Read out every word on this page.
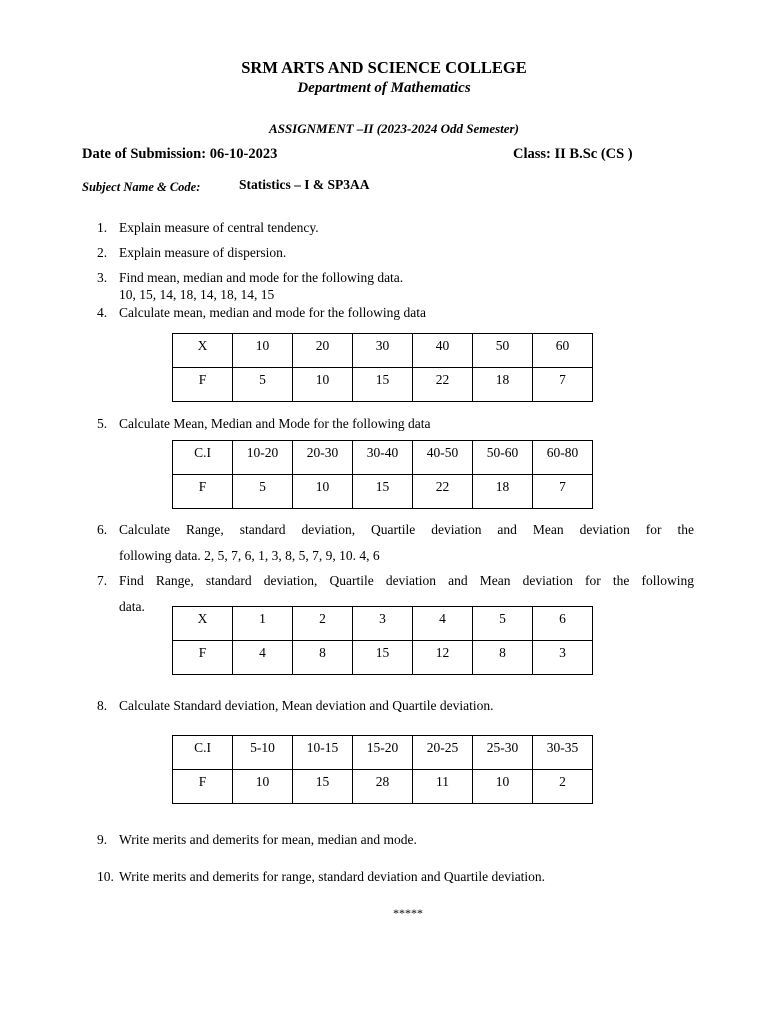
SRM ARTS AND SCIENCE COLLEGE
Department of Mathematics
ASSIGNMENT –II (2023-2024 Odd Semester)
Date of Submission: 06-10-2023	Class: II B.Sc (CS )
Subject Name & Code:	Statistics – I & SP3AA
1. Explain measure of central tendency.
2. Explain measure of dispersion.
3. Find mean, median and mode for the following data.
10, 15, 14, 18, 14, 18, 14, 15
4. Calculate mean, median and mode for the following data
X	10	20	30	40	50	60
F	5	10	15	22	18	7
5. Calculate Mean, Median and Mode for the following data
C.I	10-20	20-30	30-40	40-50	50-60	60-80
F	5	10	15	22	18	7
6. Calculate Range, standard deviation, Quartile deviation and Mean deviation for the
following data. 2, 5, 7, 6, 1, 3, 8, 5, 7, 9, 10. 4, 6
7. Find Range, standard deviation, Quartile deviation and Mean deviation for the following
data.
X	1	2	3	4	5	6
F	4	8	15	12	8	3
8. Calculate Standard deviation, Mean deviation and Quartile deviation.
C.I	5-10	10-15	15-20	20-25	25-30	30-35
F	10	15	28	11	10	2
9. Write merits and demerits for mean, median and mode.
10. Write merits and demerits for range, standard deviation and Quartile deviation.
*****
